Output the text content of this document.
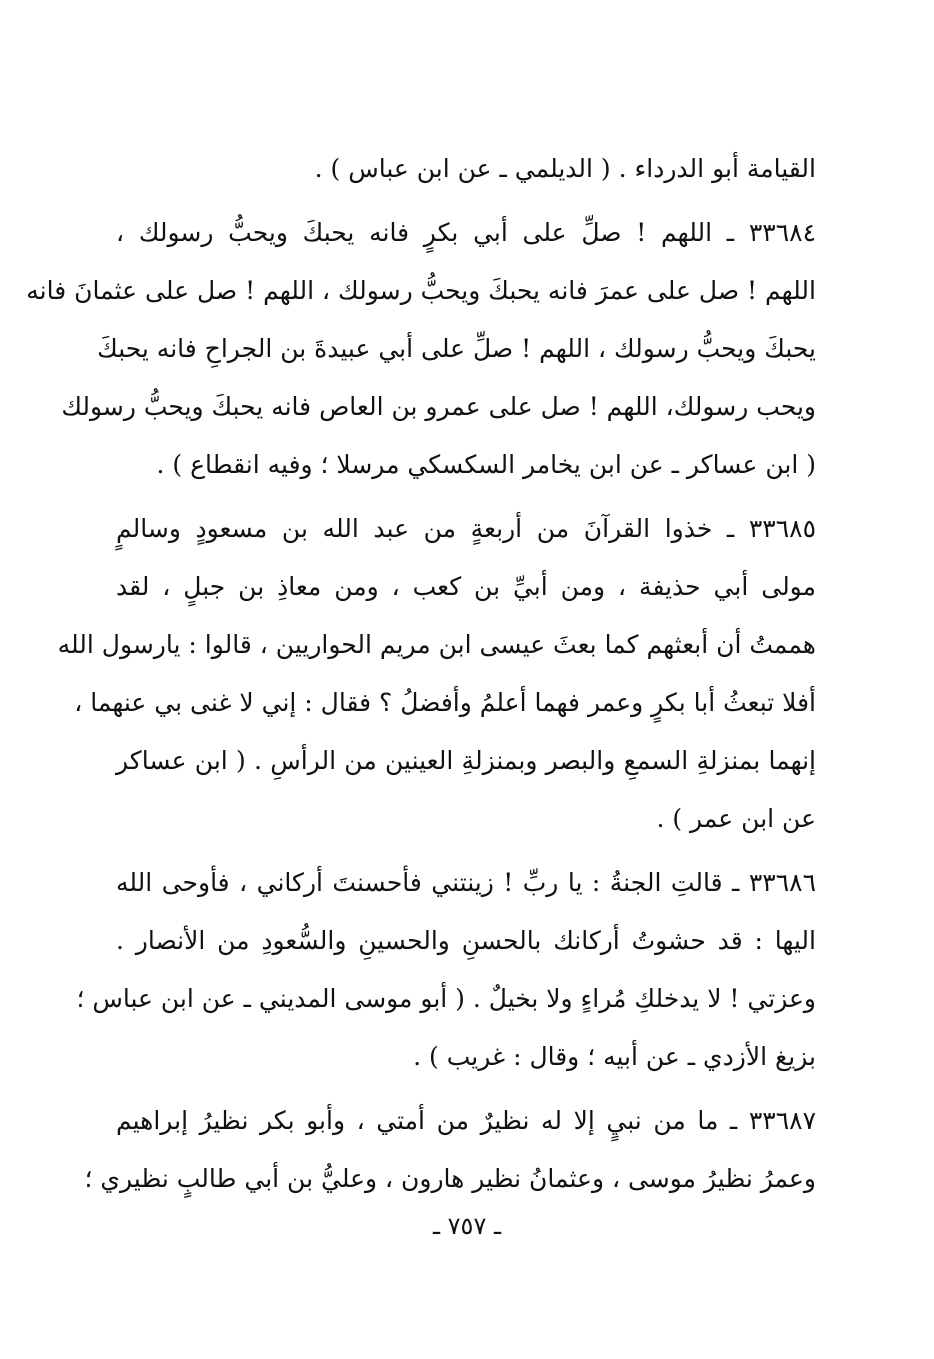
القيامة أبو الدرداء . ( الديلمي ـ عن ابن عباس ) .
٣٣٦٨٤ ـ اللهم ! صلِّ على أبي بكرٍ فانه يحبكَ ويحبُّ رسولك ،
اللهم ! صل على عمرَ فانه يحبكَ ويحبُّ رسولك ، اللهم ! صل على عثمانَ فانه
يحبكَ ويحبُّ رسولك ، اللهم ! صلِّ على أبي عبيدةَ بن الجراحِ فانه يحبكَ
ويحب رسولك، اللهم ! صل على عمرو بن العاص فانه يحبكَ ويحبُّ رسولك
( ابن عساكر ـ عن ابن يخامر السكسكي مرسلا ؛ وفيه انقطاع ) .
٣٣٦٨٥ ـ خذوا القرآنَ من أربعةٍ من عبد الله بن مسعودٍ وسالمٍ
مولى أبي حذيفة ، ومن أبيِّ بن كعب ، ومن معاذِ بن جبلٍ ، لقد
هممتُ أن أبعثهم كما بعثَ عيسى ابن مريم الحواريين ، قالوا : يارسول الله
أفلا تبعثُ أبا بكرٍ وعمر فهما أعلمُ وأفضلُ ؟ فقال : إني لا غنى بي عنهما ،
إنهما بمنزلةِ السمعِ والبصر وبمنزلةِ العينين من الرأسِ . ( ابن عساكر
عن ابن عمر ) .
٣٣٦٨٦ ـ قالتِ الجنةُ : يا ربِّ ! زينتني فأحسنتَ أركاني ، فأوحى الله
اليها : قد حشوتُ أركانك بالحسنِ والحسينِ والسُّعودِ من الأنصار .
وعزتي ! لا يدخلكِ مُراءٍ ولا بخيلٌ . ( أبو موسى المديني ـ عن ابن عباس ؛
بزيغ الأزدي ـ عن أبيه ؛ وقال : غريب ) .
٣٣٦٨٧ ـ ما من نبيٍ إلا له نظيرٌ من أمتي ، وأبو بكر نظيرُ إبراهيم
وعمرُ نظيرُ موسى ، وعثمانُ نظير هارون ، وعليُّ بن أبي طالبٍ نظيري ؛
ـ ٧٥٧ ـ
